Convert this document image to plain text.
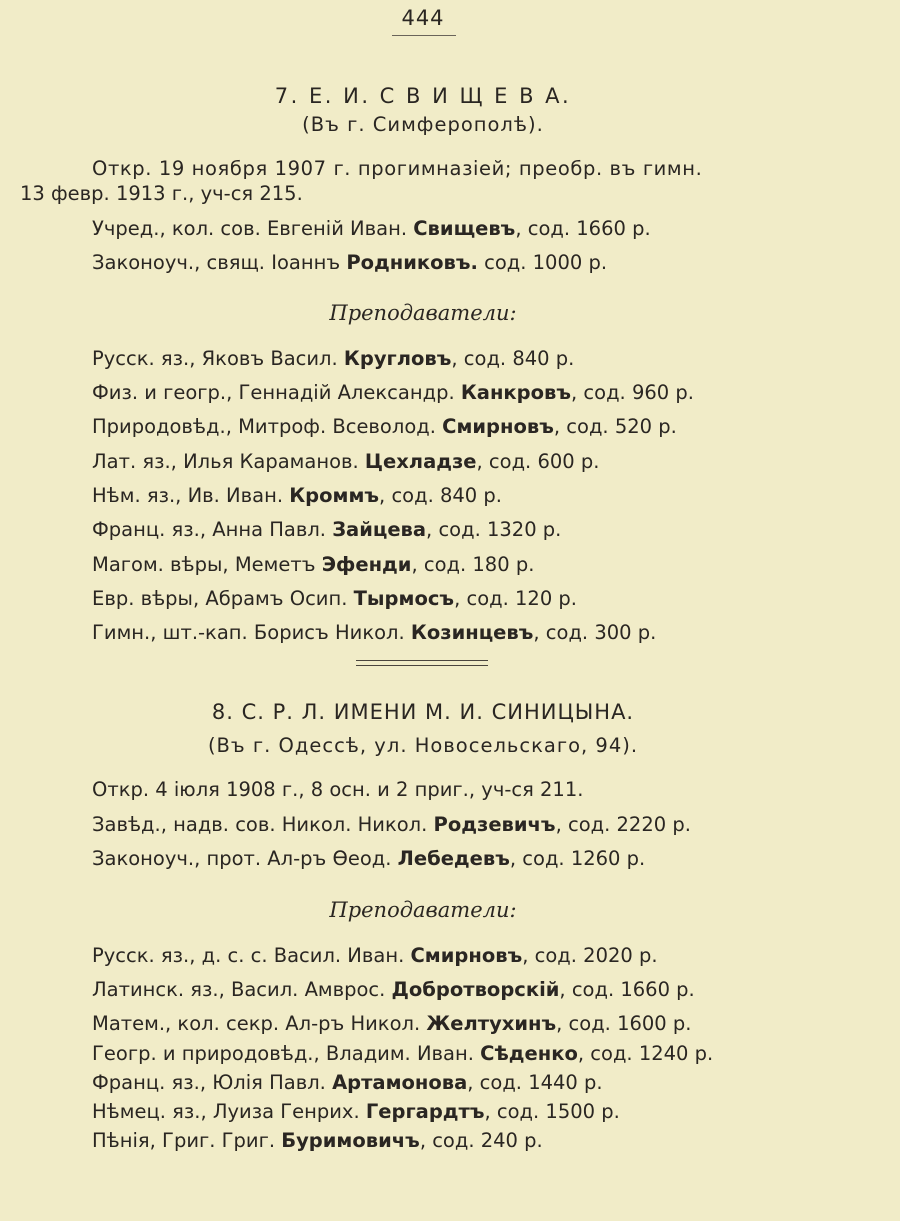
444
7. Е. И. С В И Щ Е В А.
(Въ г. Симферополѣ).
Откр. 19 ноября 1907 г. прогимназiей; преобр. въ гимн.
13 февр. 1913 г., уч-ся 215.
Учред., кол. сов. Евгенiй Иван. Свищевъ, сод. 1660 р.
Законоуч., свящ. Iоаннъ Родниковъ. сод. 1000 р.
Преподаватели:
Русск. яз., Яковъ Васил. Кругловъ, сод. 840 р.
Физ. и геогр., Геннадiй Александр. Канкровъ, сод. 960 р.
Природовѣд., Митроф. Всеволод. Смирновъ, сод. 520 р.
Лат. яз., Илья Караманов. Цехладзе, сод. 600 р.
Нѣм. яз., Ив. Иван. Кроммъ, сод. 840 р.
Франц. яз., Анна Павл. Зайцева, сод. 1320 р.
Магом. вѣры, Меметъ Эфенди, сод. 180 р.
Евр. вѣры, Абрамъ Осип. Тырмосъ, сод. 120 р.
Гимн., шт.-кап. Борисъ Никол. Козинцевъ, сод. 300 р.
8. С. Р. Л. ИМЕНИ М. И. СИНИЦЫНА.
(Въ г. Одессѣ, ул. Новосельскаго, 94).
Откр. 4 iюля 1908 г., 8 осн. и 2 приг., уч-ся 211.
Завѣд., надв. сов. Никол. Никол. Родзевичъ, сод. 2220 р.
Законоуч., прот. Ал-ръ Өеод. Лебедевъ, сод. 1260 р.
Преподаватели:
Русск. яз., д. с. с. Васил. Иван. Смирновъ, сод. 2020 р.
Латинск. яз., Васил. Амврос. Добротворскiй, сод. 1660 р.
Матем., кол. секр. Ал-ръ Никол. Желтухинъ, сод. 1600 р.
Геогр. и природовѣд., Владим. Иван. Сѣденко, сод. 1240 р.
Франц. яз., Юлiя Павл. Артамонова, сод. 1440 р.
Нѣмец. яз., Луиза Генрих. Гергардтъ, сод. 1500 р.
Пѣнiя, Григ. Григ. Буримовичъ, сод. 240 р.
